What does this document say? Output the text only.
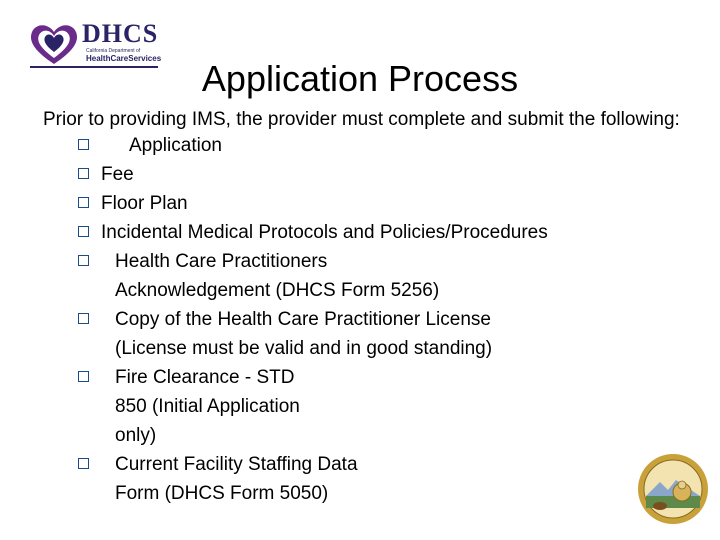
DHCS
California Department of
HealthCareServices	Application Process

Prior to providing IMS, the provider must complete and submit the following:

Application
Fee
Floor Plan
Incidental Medical Protocols and Policies/Procedures
Health Care Practitioners
Acknowledgement (DHCS Form 5256)
Copy of the Health Care Practitioner License
(License must be valid and in good standing)
Fire Clearance - STD
850 (Initial Application
only)
Current Facility Staffing Data
Form (DHCS Form 5050)
